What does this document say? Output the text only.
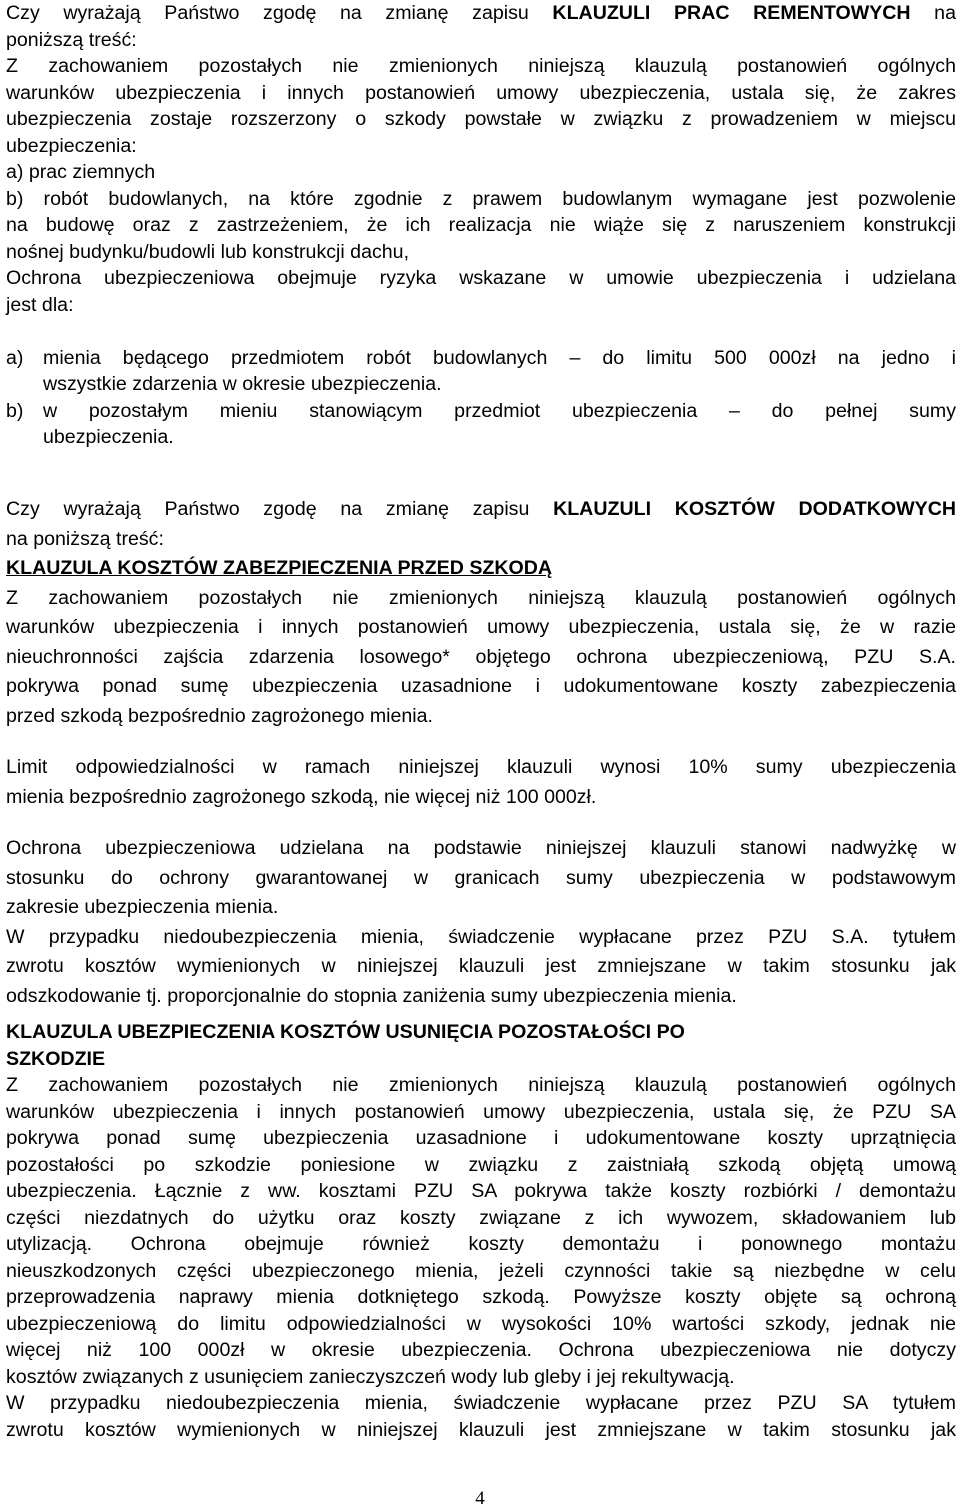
Czy wyrażają Państwo zgodę na zmianę zapisu KLAUZULI PRAC REMENTOWYCH na

poniższą treść:

Z zachowaniem pozostałych nie zmienionych niniejszą klauzulą postanowień ogólnych

warunków ubezpieczenia i innych postanowień umowy ubezpieczenia, ustala się, że zakres

ubezpieczenia zostaje rozszerzony o szkody powstałe w związku z prowadzeniem w miejscu

ubezpieczenia:

a) prac ziemnych

b) robót budowlanych, na które zgodnie z prawem budowlanym wymagane jest pozwolenie

na budowę oraz z zastrzeżeniem, że ich realizacja nie wiąże się z naruszeniem konstrukcji

nośnej budynku/budowli lub konstrukcji dachu,

Ochrona ubezpieczeniowa obejmuje ryzyka wskazane w umowie ubezpieczenia i udzielana

jest dla:

a) mienia będącego przedmiotem robót budowlanych – do limitu 500 000zł na jedno i

wszystkie zdarzenia w okresie ubezpieczenia.

b) w pozostałym mieniu stanowiącym przedmiot ubezpieczenia – do pełnej sumy

ubezpieczenia.

Czy wyrażają Państwo zgodę na zmianę zapisu KLAUZULI KOSZTÓW DODATKOWYCH

na poniższą treść:

KLAUZULA KOSZTÓW ZABEZPIECZENIA PRZED SZKODĄ

Z zachowaniem pozostałych nie zmienionych niniejszą klauzulą postanowień ogólnych

warunków ubezpieczenia i innych postanowień umowy ubezpieczenia, ustala się, że w razie

nieuchronności zajścia zdarzenia losowego* objętego ochrona ubezpieczeniową, PZU S.A.

pokrywa ponad sumę ubezpieczenia uzasadnione i udokumentowane koszty zabezpieczenia

przed szkodą bezpośrednio zagrożonego mienia.

Limit odpowiedzialności w ramach niniejszej klauzuli wynosi 10% sumy ubezpieczenia

mienia bezpośrednio zagrożonego szkodą, nie więcej niż 100 000zł.

Ochrona ubezpieczeniowa udzielana na podstawie niniejszej klauzuli stanowi nadwyżkę w

stosunku do ochrony gwarantowanej w granicach sumy ubezpieczenia w podstawowym

zakresie ubezpieczenia mienia.

W przypadku niedoubezpieczenia mienia, świadczenie wypłacane przez PZU S.A. tytułem

zwrotu kosztów wymienionych w niniejszej klauzuli jest zmniejszane w takim stosunku jak

odszkodowanie tj. proporcjonalnie do stopnia zaniżenia sumy ubezpieczenia mienia.

KLAUZULA UBEZPIECZENIA KOSZTÓW USUNIĘCIA POZOSTAŁOŚCI PO

SZKODZIE

Z zachowaniem pozostałych nie zmienionych niniejszą klauzulą postanowień ogólnych

warunków ubezpieczenia i innych postanowień umowy ubezpieczenia, ustala się, że PZU SA

pokrywa ponad sumę ubezpieczenia uzasadnione i udokumentowane koszty uprzątnięcia

pozostałości po szkodzie poniesione w związku z zaistniałą szkodą objętą umową

ubezpieczenia. Łącznie z ww. kosztami PZU SA pokrywa także koszty rozbiórki / demontażu

części niezdatnych do użytku oraz koszty związane z ich wywozem, składowaniem lub

utylizacją. Ochrona obejmuje również koszty demontażu i ponownego montażu

nieuszkodzonych części ubezpieczonego mienia, jeżeli czynności takie są niezbędne w celu

przeprowadzenia naprawy mienia dotkniętego szkodą. Powyższe koszty objęte są ochroną

ubezpieczeniową do limitu odpowiedzialności w wysokości 10% wartości szkody, jednak nie

więcej niż 100 000zł w okresie ubezpieczenia. Ochrona ubezpieczeniowa nie dotyczy

kosztów związanych z usunięciem zanieczyszczeń wody lub gleby i jej rekultywacją.

W przypadku niedoubezpieczenia mienia, świadczenie wypłacane przez PZU SA tytułem

zwrotu kosztów wymienionych w niniejszej klauzuli jest zmniejszane w takim stosunku jak

4
